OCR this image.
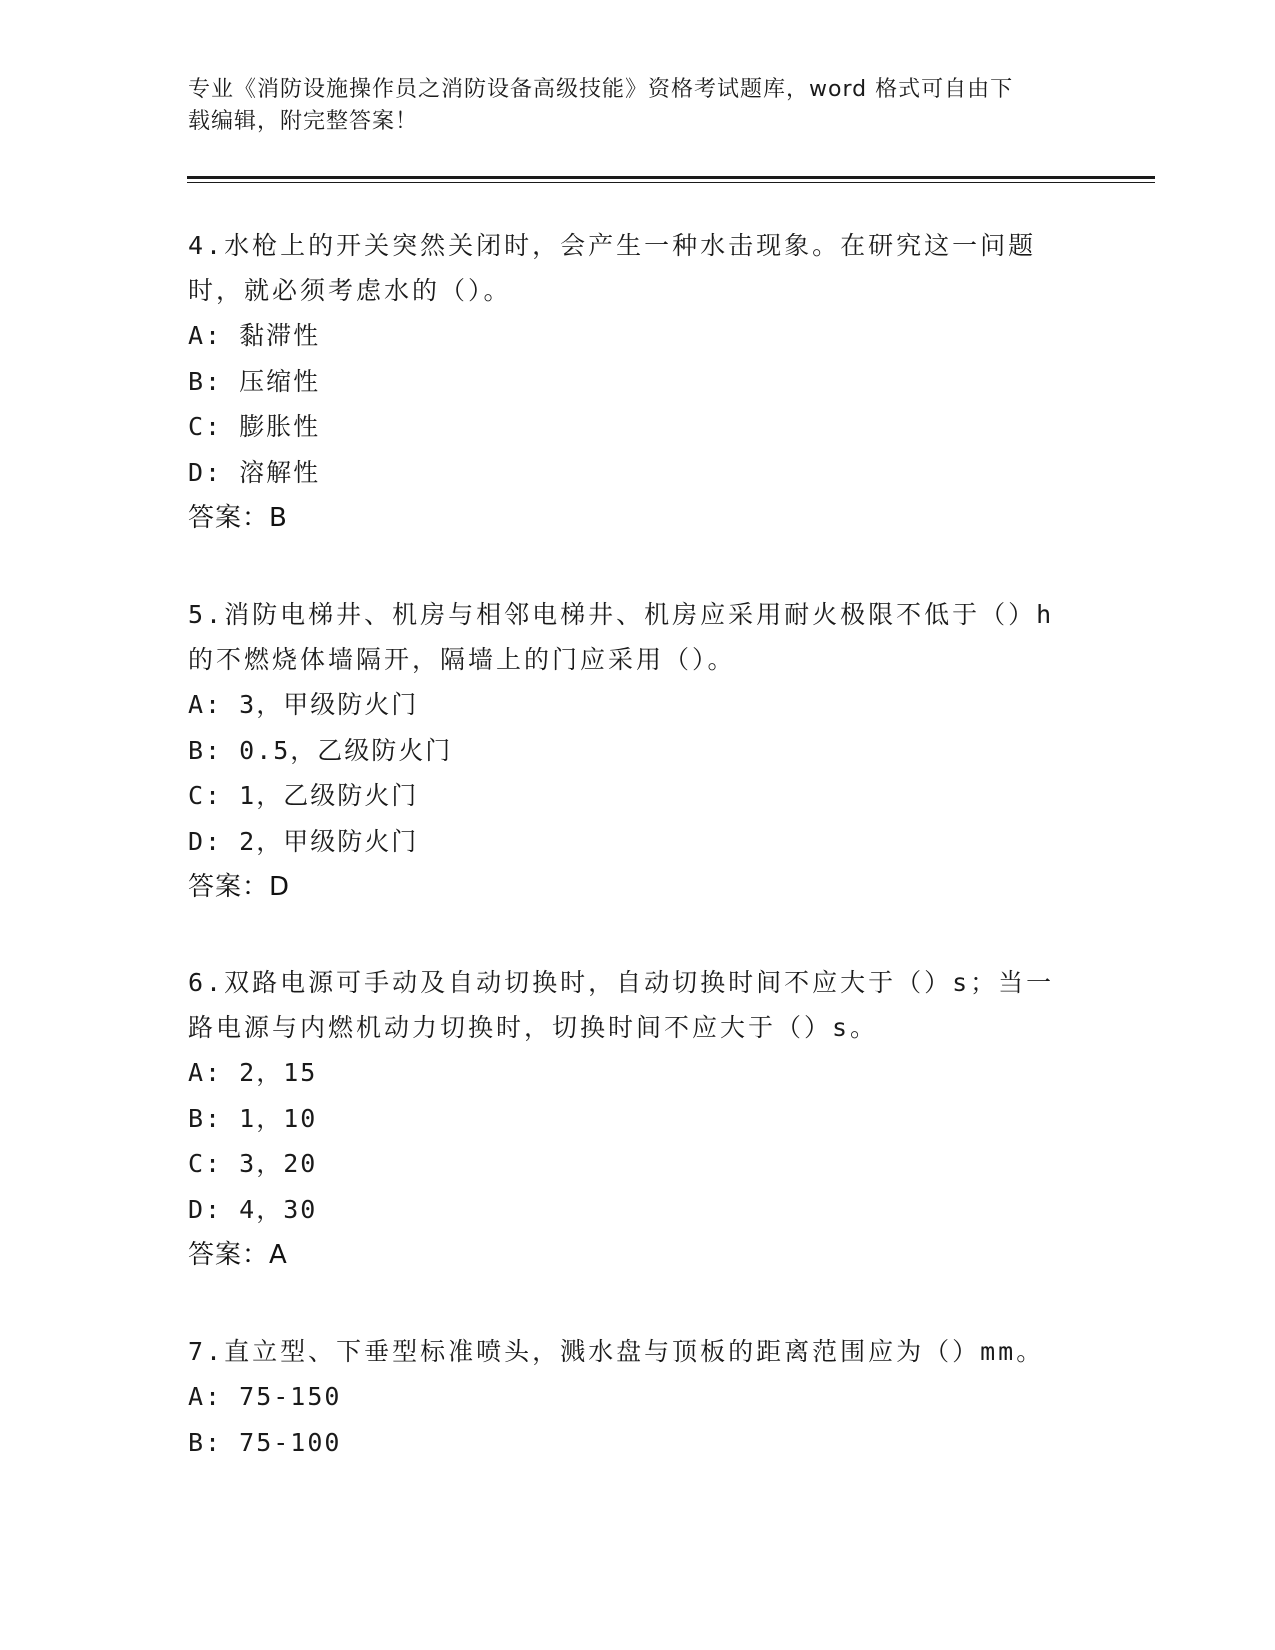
专业《消防设施操作员之消防设备高级技能》资格考试题库，word 格式可自由下
载编辑，附完整答案！
4.水枪上的开关突然关闭时，会产生一种水击现象。在研究这一问题
时，就必须考虑水的（）。
A: 黏滞性
B: 压缩性
C: 膨胀性
D: 溶解性
答案：B
5.消防电梯井、机房与相邻电梯井、机房应采用耐火极限不低于（）h
的不燃烧体墙隔开，隔墙上的门应采用（）。
A: 3，甲级防火门
B: 0.5，乙级防火门
C: 1，乙级防火门
D: 2，甲级防火门
答案：D
6.双路电源可手动及自动切换时，自动切换时间不应大于（）s；当一
路电源与内燃机动力切换时，切换时间不应大于（）s。
A: 2，15
B: 1，10
C: 3，20
D: 4，30
答案：A
7.直立型、下垂型标准喷头，溅水盘与顶板的距离范围应为（）mm。
A: 75-150
B: 75-100
